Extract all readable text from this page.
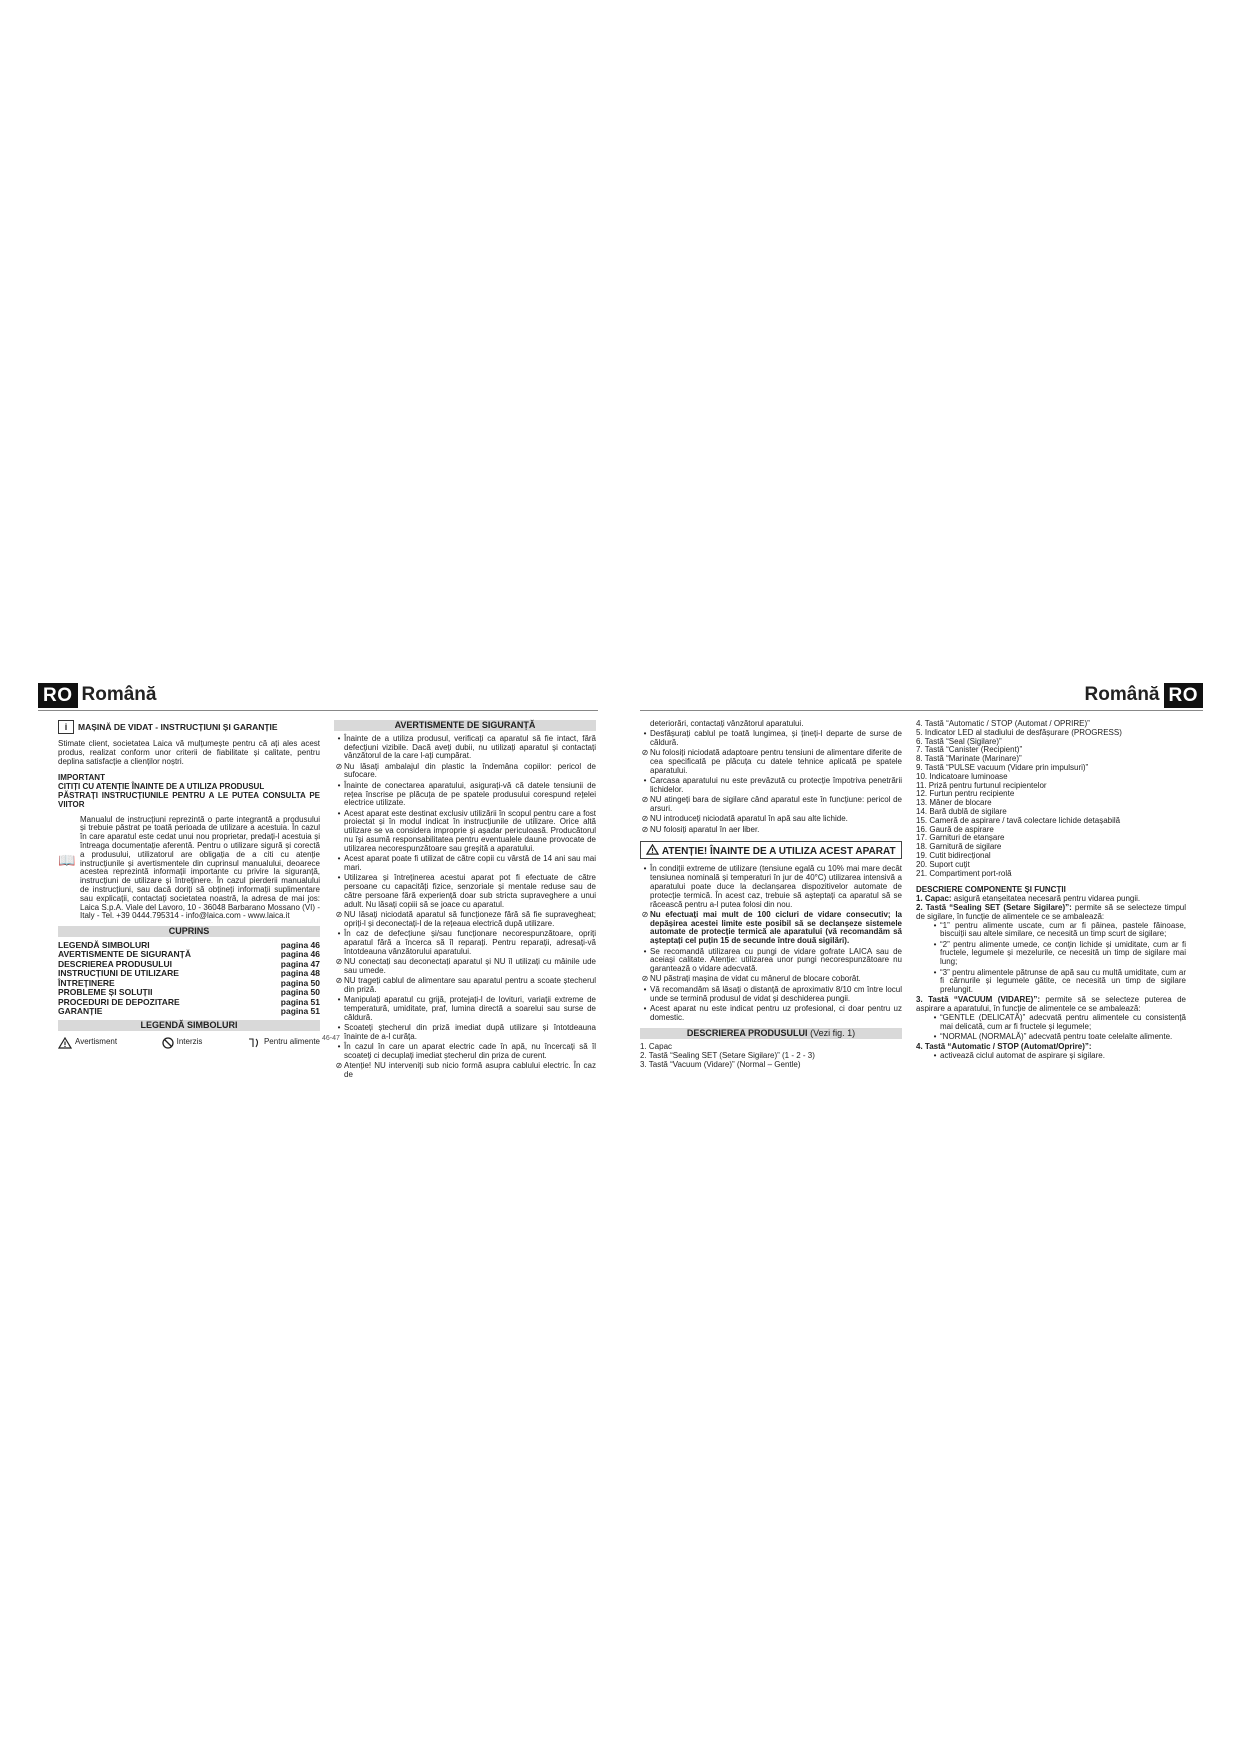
RO Română	Română RO
i	MAȘINĂ DE VIDAT - INSTRUCȚIUNI ȘI GARANȚIE

Stimate client, societatea Laica vă mulțumește pentru că ați ales acest produs, realizat conform unor criterii de fiabilitate și calitate, pentru deplina satisfacție a clienților noștri.

IMPORTANT

CITIȚI CU ATENȚIE ÎNAINTE DE A UTILIZA PRODUSUL

PĂSTRAȚI INSTRUCȚIUNILE PENTRU A LE PUTEA CONSULTA PE VIITOR

📖

Manualul de instrucțiuni reprezintă o parte integrantă a produsului și trebuie păstrat pe toată perioada de utilizare a acestuia. În cazul în care aparatul este cedat unui nou proprietar, predați-l acestuia și întreaga documentație aferentă. Pentru o utilizare sigură și corectă a produsului, utilizatorul are obligația de a citi cu atenție instrucțiunile și avertismentele din cuprinsul manualului, deoarece acestea reprezintă informații importante cu privire la siguranță, instrucțiuni de utilizare și întreținere. În cazul pierderii manualului de instrucțiuni, sau dacă doriți să obțineți informații suplimentare sau explicații, contactați societatea noastră, la adresa de mai jos: Laica S.p.A. Viale del Lavoro, 10 - 36048 Barbarano Mossano (VI) - Italy - Tel. +39 0444.795314 - info@laica.com - www.laica.it

CUPRINS
LEGENDĂ SIMBOLURI	pagina 46
AVERTISMENTE DE SIGURANȚĂ	pagina 46
DESCRIEREA PRODUSULUI	pagina 47
INSTRUCȚIUNI DE UTILIZARE	pagina 48
ÎNTREȚINERE	pagina 50
PROBLEME ȘI SOLUȚII	pagina 50
PROCEDURI DE DEPOZITARE	pagina 51
GARANȚIE	pagina 51
LEGENDĂ SIMBOLURI
Avertisment	Interzis	Pentru alimente
AVERTISMENTE DE SIGURANȚĂ
• Înainte de a utiliza produsul, verificați ca aparatul să fie intact, fără defecțiuni vizibile. Dacă aveți dubii, nu utilizați aparatul și contactați vânzătorul de la care l-ați cumpărat.
⊘ Nu lăsați ambalajul din plastic la îndemâna copiilor: pericol de sufocare.
• Înainte de conectarea aparatului, asigurați-vă că datele tensiunii de rețea înscrise pe plăcuța de pe spatele produsului corespund rețelei electrice utilizate.
• Acest aparat este destinat exclusiv utilizării în scopul pentru care a fost proiectat și în modul indicat în instrucțiunile de utilizare. Orice altă utilizare se va considera improprie și așadar periculoasă. Producătorul nu își asumă responsabilitatea pentru eventualele daune provocate de utilizarea necorespunzătoare sau greșită a aparatului.
• Acest aparat poate fi utilizat de către copii cu vârstă de 14 ani sau mai mari.
• Utilizarea și întreținerea acestui aparat pot fi efectuate de către persoane cu capacități fizice, senzoriale și mentale reduse sau de către persoane fără experiență doar sub stricta supraveghere a unui adult. Nu lăsați copiii să se joace cu aparatul.
⊘ NU lăsați niciodată aparatul să funcționeze fără să fie supravegheat; opriți-l și deconectați-l de la rețeaua electrică după utilizare.
• În caz de defecțiune și/sau funcționare necorespunzătoare, opriți aparatul fără a încerca să îl reparați. Pentru reparații, adresați-vă întotdeauna vânzătorului aparatului.
⊘ NU conectați sau deconectați aparatul și NU îl utilizați cu mâinile ude sau umede.
⊘ NU trageți cablul de alimentare sau aparatul pentru a scoate ștecherul din priză.
• Manipulați aparatul cu grijă, protejați-l de lovituri, variații extreme de temperatură, umiditate, praf, lumina directă a soarelui sau surse de căldură.
• Scoateți ștecherul din priză imediat după utilizare și întotdeauna înainte de a-l curăța.
• În cazul în care un aparat electric cade în apă, nu încercați să îl scoateți ci decuplați imediat ștecherul din priza de curent.
⊘ Atenție! NU interveniți sub nicio formă asupra cablului electric. În caz de
46-47
deteriorări, contactați vânzătorul aparatului.
• Desfășurați cablul pe toată lungimea, și țineți-l departe de surse de căldură.
⊘ Nu folosiți niciodată adaptoare pentru tensiuni de alimentare diferite de cea specificată pe plăcuța cu datele tehnice aplicată pe spatele aparatului.
• Carcasa aparatului nu este prevăzută cu protecție împotriva penetrării lichidelor.
⊘ NU atingeți bara de sigilare când aparatul este în funcțiune: pericol de arsuri.
⊘ NU introduceți niciodată aparatul în apă sau alte lichide.
⊘ NU folosiți aparatul în aer liber.
ATENȚIE! ÎNAINTE DE A UTILIZA ACEST APARAT
• În condiții extreme de utilizare (tensiune egală cu 10% mai mare decât tensiunea nominală și temperaturi în jur de 40°C) utilizarea intensivă a aparatului poate duce la declanșarea dispozitivelor automate de protecție termică. În acest caz, trebuie să așteptați ca aparatul să se răcească pentru a-l putea folosi din nou.
⊘ Nu efectuați mai mult de 100 cicluri de vidare consecutiv; la depășirea acestei limite este posibil să se declanșeze sistemele automate de protecție termică ale aparatului (vă recomandăm să așteptați cel puțin 15 de secunde între două sigilări).
• Se recomandă utilizarea cu pungi de vidare gofrate LAICA sau de aceiași calitate. Atenție: utilizarea unor pungi necorespunzătoare nu garantează o vidare adecvată.
⊘ NU păstrați mașina de vidat cu mânerul de blocare coborât.
• Vă recomandăm să lăsați o distanță de aproximativ 8/10 cm între locul unde se termină produsul de vidat și deschiderea pungii.
• Acest aparat nu este indicat pentru uz profesional, ci doar pentru uz domestic.
DESCRIEREA PRODUSULUI (Vezi fig. 1)

1. Capac

2. Tastă “Sealing SET (Setare Sigilare)” (1 - 2 - 3)

3. Tastă “Vacuum (Vidare)” (Normal – Gentle)

4. Tastă “Automatic / STOP (Automat / OPRIRE)”

5. Indicator LED al stadiului de desfășurare (PROGRESS)

6. Tastă “Seal (Sigilare)”

7. Tastă “Canister (Recipient)”

8. Tastă “Marinate (Marinare)”

9. Tastă “PULSE vacuum (Vidare prin impulsuri)”

10. Indicatoare luminoase

11. Priză pentru furtunul recipientelor

12. Furtun pentru recipiente

13. Mâner de blocare

14. Bară dublă de sigilare

15. Cameră de aspirare / tavă colectare lichide detașabilă

16. Gaură de aspirare

17. Garnituri de etanșare

18. Garnitură de sigilare

19. Cutit bidirecțional

20. Suport cuțit

21. Compartiment port-rolă

DESCRIERE COMPONENTE ȘI FUNCȚII

1. Capac: asigură etanșeitatea necesară pentru vidarea pungii.

2. Tastă “Sealing SET (Setare Sigilare)”: permite să se selecteze timpul de sigilare, în funcție de alimentele ce se ambalează:

• “1” pentru alimente uscate, cum ar fi pâinea, pastele făinoase, biscuiții sau altele similare, ce necesită un timp scurt de sigilare;
• “2” pentru alimente umede, ce conțin lichide și umiditate, cum ar fi fructele, legumele și mezelurile, ce necesită un timp de sigilare mai lung;
• “3” pentru alimentele pătrunse de apă sau cu multă umiditate, cum ar fi cărnurile și legumele gătite, ce necesită un timp de sigilare prelungit.

3. Tastă “VACUUM (VIDARE)”: permite să se selecteze puterea de aspirare a aparatului, în funcție de alimentele ce se ambalează:

• “GENTLE (DELICATĂ)” adecvată pentru alimentele cu consistență mai delicată, cum ar fi fructele și legumele;
• “NORMAL (NORMALĂ)” adecvată pentru toate celelalte alimente.

4. Tastă “Automatic / STOP (Automat/Oprire)”:

• activează ciclul automat de aspirare și sigilare.
